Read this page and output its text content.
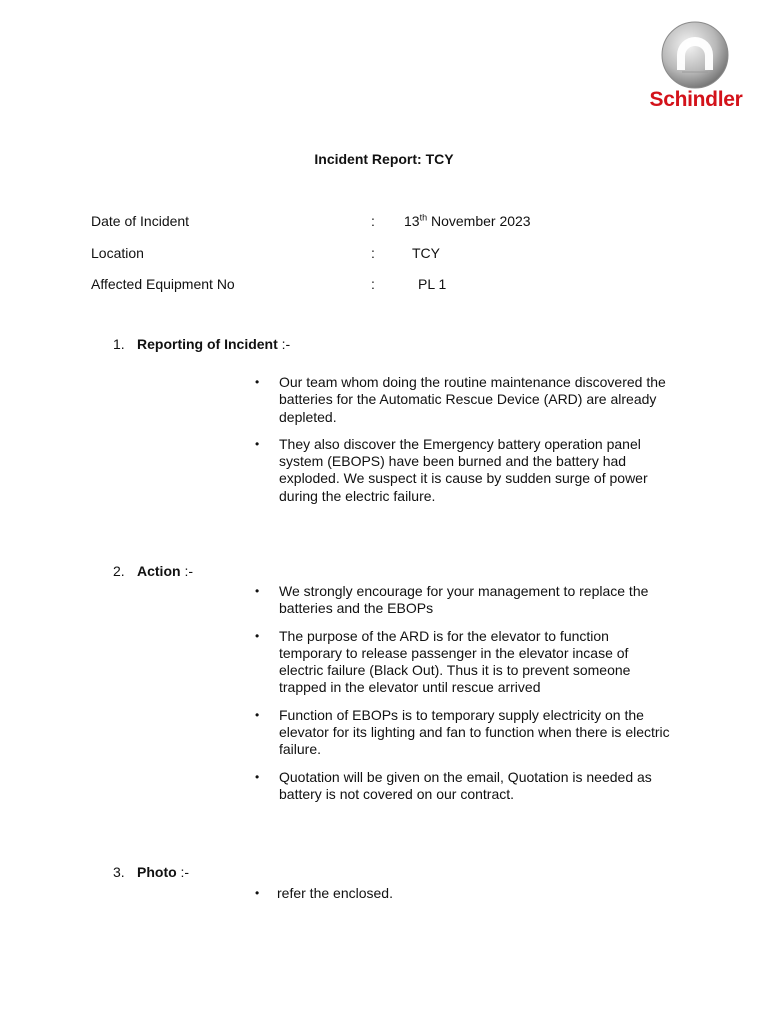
Schindler
Incident Report: TCY
Date of Incident	: 13th November 2023
Location	:	TCY
Affected Equipment No	:	PL 1
1. Reporting of Incident :-
• Our team whom doing the routine maintenance discovered the batteries for the Automatic Rescue Device (ARD) are already depleted.
• They also discover the Emergency battery operation panel system (EBOPS) have been burned and the battery had exploded. We suspect it is cause by sudden surge of power during the electric failure.
2. Action :-
• We strongly encourage for your management to replace the batteries and the EBOPs
• The purpose of the ARD is for the elevator to function temporary to release passenger in the elevator incase of electric failure (Black Out). Thus it is to prevent someone trapped in the elevator until rescue arrived
• Function of EBOPs is to temporary supply electricity on the elevator for its lighting and fan to function when there is electric failure.
• Quotation will be given on the email, Quotation is needed as battery is not covered on our contract.
3. Photo :-
• refer the enclosed.
